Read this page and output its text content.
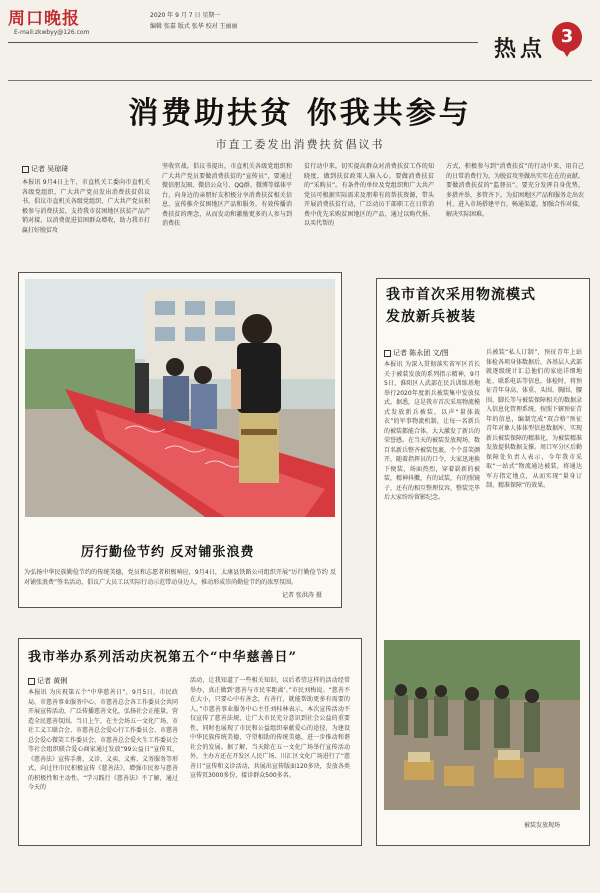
周口晚报
E-mail:zkwbyy@126.com
2020 年 9 月 7 日 星期一
编辑 张嘉 版式 张华 校对 王丽丽
热点 3
消费助扶贫 你我共参与
市直工委发出消费扶贫倡议书
记者 吴琼琦
本报讯 9月4日上午，市直机关工委向市直机关各级党组织、广大共产党员发出消费扶贫倡议书，倡议市直机关各级党组织、广大共产党员积极参与消费扶贫，支持我市贫困地区扶贫产品产销对接，以消费促进贫困群众增收，助力我市打赢打好脱贫攻
坚收官战。倡议书提出，市直机关各级党组织和广大共产党员要做消费扶贫的“宣传员”，要通过微信朋友圈、微信公众号、QQ群、微博等媒体平台，向身边的亲朋好友积极分享消费扶贫相关信息，宣传推介贫困地区产品和服务，有效传播消费扶贫的理念，从而发动和激励更多的人参与到消费扶
贫行动中来，切实提高群众对消费扶贫工作的知晓度，做到扶贫政策人脑入心。要做消费扶贫的“采购员”。有条件的单位及党组织和广大共产党员可根据实际需求及朋辈有的帮扶资源，带头开展消费扶贫行动，广泛动员干部职工在日常消费中优先采购贫困地区的产品，通过以购代捐、以买代帮的
方式，积极参与到“消费扶贫”的行动中来，用自己的日常消费行为，为脱贫攻坚做出实实在在的贡献。要做消费扶贫的“监督员”。要充分发挥自身优势，多措并举，多管齐下，为贫困地区产品和服务走出农村、进入市场搭建平台，畅通渠道，加强合作对接，解决实际困难。
厉行勤俭节约 反对铺张浪费
为弘扬中华民族勤俭节约的传统美德，党员和志愿者积极响应，9月4日，太康县铁路公司组织开展“厉行勤俭节约 反对铺张浪费”签名活动，倡议广大员工以实际行动示范带动身边人，推动形成崇尚勤俭节约的浓厚氛围。
记者 张洪涛 摄
我市首次采用物流模式
发放新兵被装
记者 陈永团 文/图
本报讯 为深入贯彻落实省军区首长关于被装发放的系列指示精神，9月5日，淮阳区人武部在民兵训练基地举行2020年度新兵被装集中发放仪式。据悉，这是我市首次采用物流模式发放新兵被装，以声“量体裁衣”的军事物流机制，让每一名新兵的被装都能合体，大大激发了新兵的荣誉感。在当天的被装发放现场，数百名新兵整齐被装包裹，个个喜笑颜开，随着指挥员的口令，大家迅速换下便装，场面热烈，穿着崭新的被装，精神抖擞，有的试装，有的照镜子，还有的相互整理仪容，整装完毕后大家纷纷留影纪念。
兵被装“私人订制”，预征青年上站体检各项身体数据后，各基层人武部就逐级统计汇总他们的家庭详细地址、联系电话等信息，体检时，将预征青年身高、体重、头围、胸围、腰围、脚长等与被装保障相关的数据录入信息化管理系统，按照下辖预征青年的信息，编制完成“双合格”预征青年对象人体体型信息数据库，实现新兵被装保障的精准化，为被装精准发放提供数据支撑。周口军分区后勤保障处负责人表示，今年我市采取“一站式”物流通达被装，将通达军方指定地点，从而实现“量身订制、精准保障”的效果。
被装发放现场
我市举办系列活动庆祝第五个“中华慈善日”
记者 黄俐
本报讯 为庆祝第五个“中华慈善日”，9月5日，市民政局、市慈善事业服务中心、市慈善总会各工作委员会共同开展宣传活动，广泛传播慈善文化，弘扬社会正能量，营造全民慈善氛围。当日上午，在主会场五一文化广场，市社工义工联合会、市慈善总会爱心行工作委员会、市慈善总会爱心微笑工作委员会、市慈善总会爱火生工作委员会等社会组织联合爱心商家通过发放“99公益日”宣传页、《慈善法》宣传手册、义诊、义卖、义剪、义务服务等形式，向过往市民积极宣传《慈善法》，增强市民参与慈善的积极性和主动性。“学习践行《慈善法》不了解，通过今天的
活动，让我知道了一些相关知识，以后希望这样的活动经常举办，真正做到‘慈善与市民零距离’。”市民刘梅说。“慈善不在大小，只要心中有善念，有善行，就能帮助更多有需要的人。”市慈善事业服务中心主任刘桂林表示，本次宣传活动不仅宣传了慈善法规，让广大市民充分意识到社会公益的重要性，同时也展现了市民和公益组织奉献爱心的途径，为建设中华民族传统美德，守望相助的传统美德，进一步推动和谐社会的发展。据了解，当天除在五一文化广场举行宣传活动外，主办方还在开发区人民广场、川汇区文化广场进行了“慈善日”宣传和义诊活动，共展出宣传版面120多块，发放各类宣传页3000多份，接诊群众500多名。
